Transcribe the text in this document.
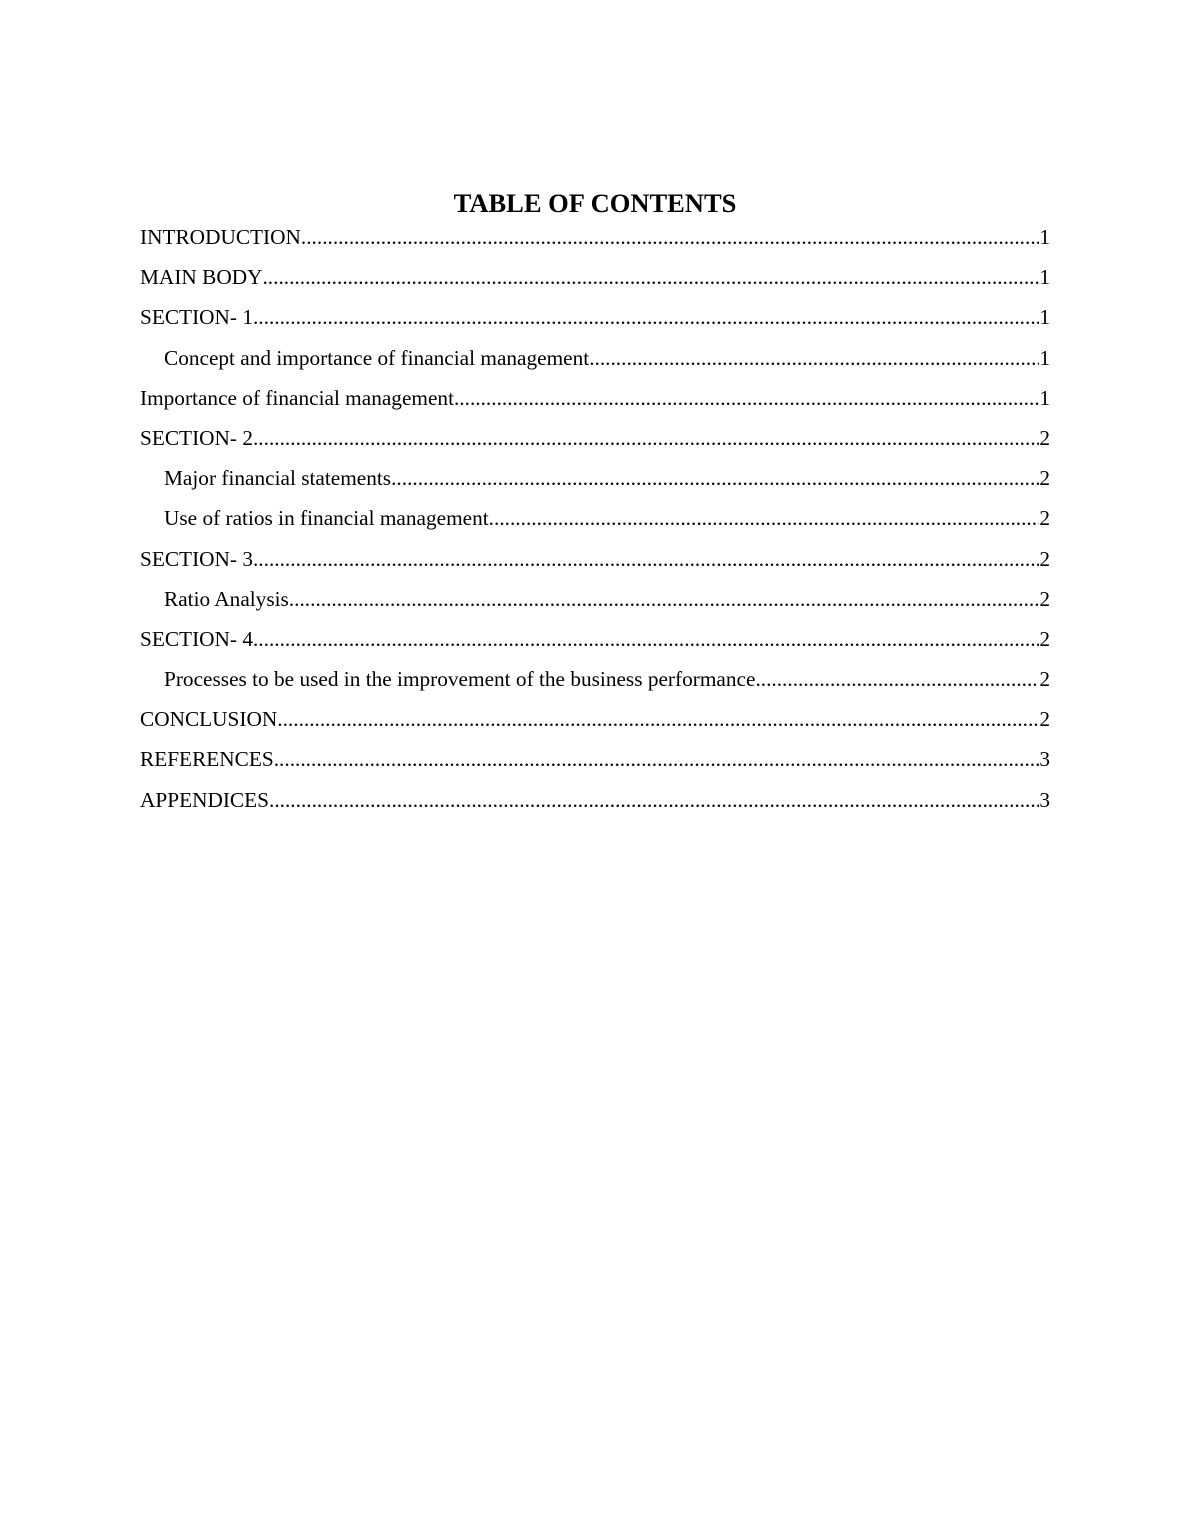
TABLE OF CONTENTS
INTRODUCTION .....	1
MAIN BODY .....	1
SECTION- 1 .....	1
Concept and importance of financial management .....	1
Importance of financial management .....	1
SECTION- 2 .....	2
Major financial statements .....	2
Use of ratios in financial management .....	2
SECTION- 3 .....	2
Ratio Analysis .....	2
SECTION- 4 .....	2
Processes to be used in the improvement of the business performance .....	2
CONCLUSION .....	2
REFERENCES .....	3
APPENDICES .....	3
